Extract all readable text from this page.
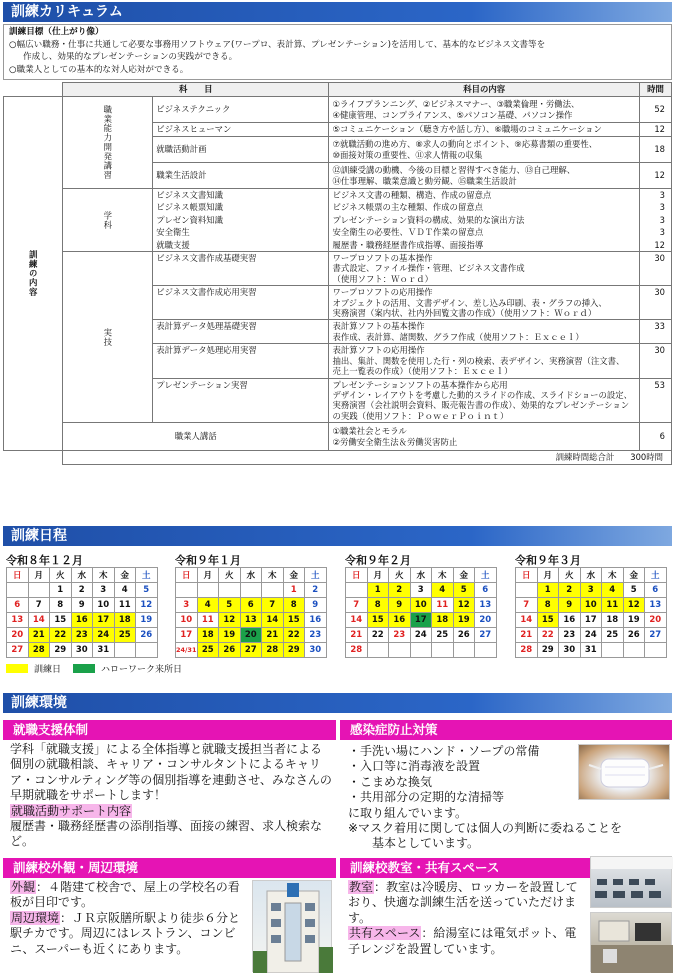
訓練カリキュラム
訓練目標（仕上がり像）
○幅広い職務・仕事に共通して必要な事務用ソフトウェア(ワープロ、表計算、プレゼンテーション)を活用して、基本的なビジネス文書等を
作成し、効果的なプレゼンテーションの実践ができる。
○職業人としての基本的な対人応対ができる。
	科　　目		科目の内容	時間
訓練の内容	職業能力開発講習	ビジネステクニック	①ライフプランニング、②ビジネスマナー、③職業倫理・労働法、
④健康管理、コンプライアンス、⑤パソコン基礎、パソコン操作	52
		ビジネスヒューマン	⑤コミュニケーション（聴き方や話し方）、⑥職場のコミュニケーション	12
		就職活動計画	⑦就職活動の進め方、⑧求人の動向とポイント、⑨応募書類の重要性、
⑩面接対策の重要性、⑪求人情報の収集	18
		職業生活設計	⑫訓練受講の動機、今後の目標と習得すべき能力、⑬自己理解、
⑭仕事理解、職業意識と動労観、⑮職業生活設計	12
	学科	ビジネス文書知識	ビジネス文書の種類、構造、作成の留意点	3
		ビジネス帳票知識	ビジネス帳票の主な種類、作成の留意点	3
		プレゼン資料知識	プレゼンテーション資料の構成、効果的な演出方法	3
		安全衛生	安全衛生の必要性、ＶＤＴ作業の留意点	3
		就職支援	履歴書・職務経歴書作成指導、面接指導	12
	実技	ビジネス文書作成基礎実習	ワープロソフトの基本操作
書式設定、ファイル操作・管理、ビジネス文書作成
（使用ソフト：Ｗｏｒｄ）	30
		ビジネス文書作成応用実習	ワープロソフトの応用操作
オブジェクトの活用、文書デザイン、差し込み印刷、表・グラフの挿入、
実務演習（案内状、社内外回覧文書の作成）（使用ソフト：Ｗｏｒｄ）	30
		表計算データ処理基礎実習	表計算ソフトの基本操作
表作成、表計算、諸関数、グラフ作成（使用ソフト：Ｅｘｃｅｌ）	33
		表計算データ処理応用実習	表計算ソフトの応用操作
抽出、集計、関数を使用した行・列の検索、表デザイン、実務演習（注文書、
売上一覧表の作成）（使用ソフト：Ｅｘｃｅｌ）	30
		プレゼンテーション実習	プレゼンテーションソフトの基本操作から応用
デザイン・レイアウトを考慮した動的スライドの作成、スライドショーの設定、
実務演習（会社説明会資料、販売報告書の作成）、効果的なプレゼンテーション
の実践（使用ソフト：ＰｏｗｅｒＰｏｉｎｔ）	53
	職業人講話		①職業社会とモラル
②労働安全衛生法＆労働災害防止	6
	訓練時間総合計 300時間			
訓練日程
令和８年１２月
日	月	火	水	木	金	土
		1	2	3	4	5
6	7	8	9	10	11	12
13	14	15	16	17	18	19
20	21	22	23	24	25	26
27	28	29	30	31		
令和９年１月
日	月	火	水	木	金	土
					1	2
3	4	5	6	7	8	9
10	11	12	13	14	15	16
17	18	19	20	21	22	23
24/31	25	26	27	28	29	30
令和９年２月
日	月	火	水	木	金	土
	1	2	3	4	5	6
7	8	9	10	11	12	13
14	15	16	17	18	19	20
21	22	23	24	25	26	27
28						
令和９年３月
日	月	火	水	木	金	土
	1	2	3	4	5	6
7	8	9	10	11	12	13
14	15	16	17	18	19	20
21	22	23	24	25	26	27
28	29	30	31			
訓練日	ハローワーク来所日
訓練環境
就職支援体制
学科「就職支援」による全体指導と就職支援担当者による個別の就職相談、キャリア・コンサルタントによるキャリア・コンサルティング等の個別指導を連動させ、みなさんの早期就職をサポートします！
就職活動サポート内容
履歴書・職務経歴書の添削指導、面接の練習、求人検索など。
感染症防止対策
・手洗い場にハンド・ソープの常備
・入口等に消毒液を設置
・こまめな換気
・共用部分の定期的な清掃等
に取り組んでいます。
※マスク着用に関しては個人の判断に委ねることを
基本としています。
訓練校外観・周辺環境
外観：４階建て校舎で、屋上の学校名の看板が目印です。
周辺環境：ＪＲ京阪膳所駅より徒歩６分と駅チカです。周辺にはレストラン、コンビニ、スーパーも近くにあります。
訓練校教室・共有スペース
教室：教室は冷暖房、ロッカーを設置しており、快適な訓練生活を送っていただけます。
共有スペース：給湯室には電気ポット、電子レンジを設置しています。
